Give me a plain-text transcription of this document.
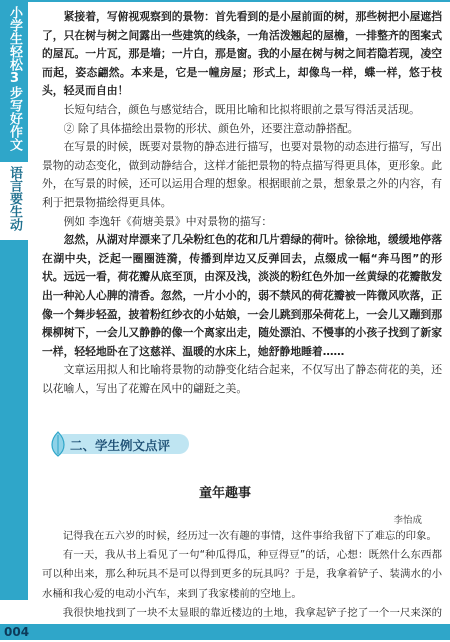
小学生轻松3步写好作文
语言要生动

紧接着，写俯视观察到的景物：首先看到的是小屋前面的树，那些树把小屋遮挡了，只在树与树之间露出一些建筑的线条，一角活泼翘起的屋檐，一排整齐的图案式的屋瓦。一片瓦，那是墙；一片白，那是窗。我的小屋在树与树之间若隐若现，凌空而起，姿态翩然。本来是，它是一幢房屋；形式上，却像鸟一样，蝶一样，悠于枝头，轻灵而自由！

长短句结合，颜色与感觉结合，既用比喻和比拟将眼前之景写得活灵活现。

② 除了具体描绘出景物的形状、颜色外，还要注意动静搭配。

在写景的时候，既要对景物的静态进行描写，也要对景物的动态进行描写，写出景物的动态变化，做到动静结合，这样才能把景物的特点描写得更具体，更形象。此外，在写景的时候，还可以运用合理的想象。根据眼前之景，想象景之外的内容，有利于把景物描绘得更具体。

例如 李逸轩《荷塘美景》中对景物的描写：

忽然，从湖对岸漂来了几朵粉红色的花和几片碧绿的荷叶。徐徐地，缓缓地停落在湖中央，泛起一圈圈涟漪，传播到岸边又反弹回去，点缀成一幅“奔马图”的形状。远远一看，荷花瓣从底至顶，由深及浅，淡淡的粉红色外加一丝黄绿的花瓣散发出一种沁人心脾的清香。忽然，一片小小的，弱不禁风的荷花瓣被一阵微风吹落，正像一个舞步轻盈，披着粉红纱衣的小姑娘，一会儿跳到那朵荷花上，一会儿又蹦到那棵柳树下，一会儿又静静的像一个离家出走，随处漂泊、不慢事的小孩子找到了新家一样，轻轻地卧在了这慈祥、温暖的水床上，她舒静地睡着……

文章运用拟人和比喻将景物的动静变化结合起来，不仅写出了静态荷花的美，还以花喻人，写出了花瓣在风中的翩跹之美。

二、学生例文点评
童年趣事
李怡成

记得我在五六岁的时候，经历过一次有趣的事情，这件事给我留下了难忘的印象。

有一天，我从书上看见了一句“种瓜得瓜，种豆得豆”的话，心想：既然什么东西都可以种出来，那么种玩具不是可以得到更多的玩具吗？于是，我拿着铲子、装满水的小水桶和我心爱的电动小汽车，来到了我家楼前的空地上。

我很快地找到了一块不太显眼的靠近楼边的土地，我拿起铲子挖了一个一尺来深的

004
